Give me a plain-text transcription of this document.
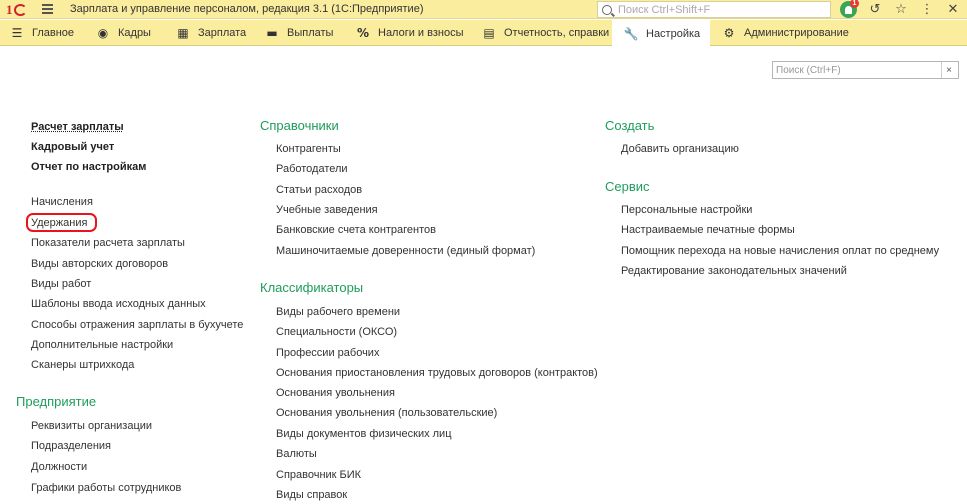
1	Зарплата и управление персоналом, редакция 3.1 (1С:Предприятие)
Поиск Ctrl+Shift+F	1	↺	☆	⋮	✕
☰ Главное ◉ Кадры ▦ Зарплата ▬ Выплаты % Налоги и взносы ▤ Отчетность, справки 🔧 Настройка ⚙ Администрирование
Поиск (Ctrl+F)
×
Расчет зарплаты
Кадровый учет
Отчет по настройкам
Начисления
Удержания
Показатели расчета зарплаты
Виды авторских договоров
Виды работ
Шаблоны ввода исходных данных
Способы отражения зарплаты в бухучете
Дополнительные настройки
Сканеры штрихкода
Предприятие
Реквизиты организации
Подразделения
Должности
Графики работы сотрудников
Справочники
Контрагенты
Работодатели
Статьи расходов
Учебные заведения
Банковские счета контрагентов
Машиночитаемые доверенности (единый формат)
Классификаторы
Виды рабочего времени
Специальности (ОКСО)
Профессии рабочих
Основания приостановления трудовых договоров (контрактов)
Основания увольнения
Основания увольнения (пользовательские)
Виды документов физических лиц
Валюты
Справочник БИК
Виды справок
Создать
Добавить организацию
Сервис
Персональные настройки
Настраиваемые печатные формы
Помощник перехода на новые начисления оплат по среднему
Редактирование законодательных значений
